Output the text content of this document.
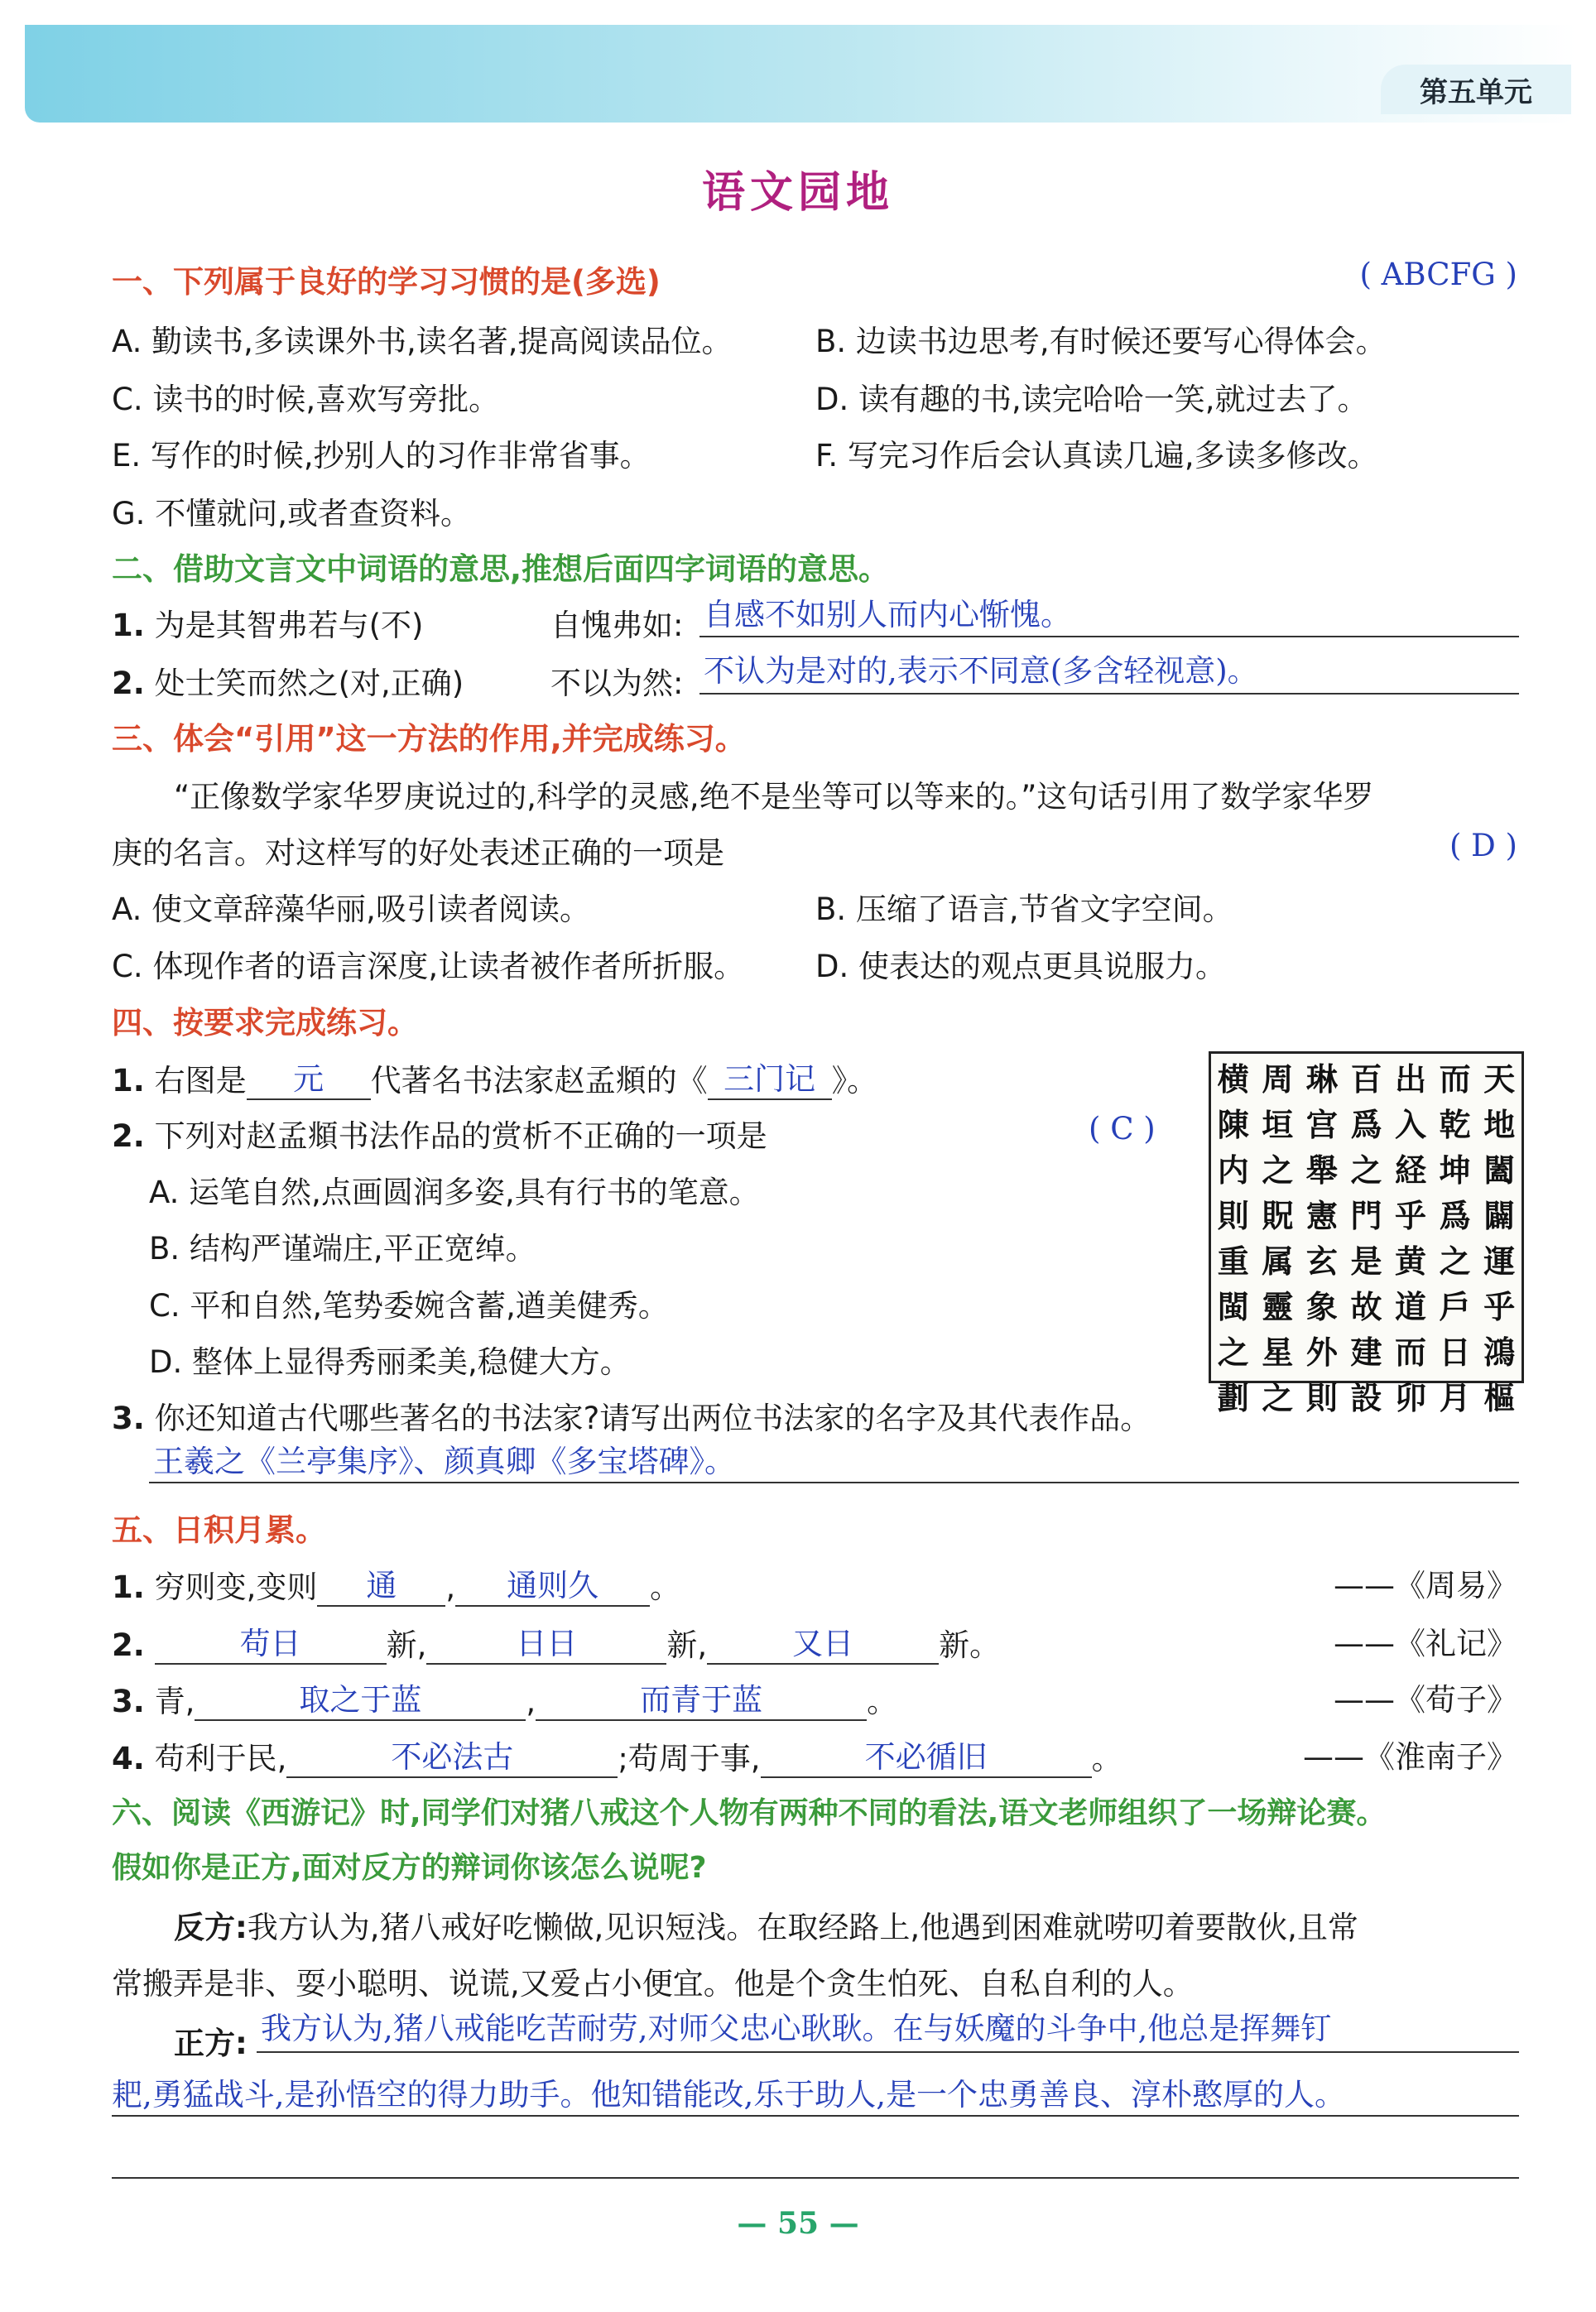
第五单元
语文园地
一、下列属于良好的学习习惯的是(多选)	( ABCFG )
A. 勤读书,多读课外书,读名著,提高阅读品位。	B. 边读书边思考,有时候还要写心得体会。
C. 读书的时候,喜欢写旁批。	D. 读有趣的书,读完哈哈一笑,就过去了。
E. 写作的时候,抄别人的习作非常省事。	F. 写完习作后会认真读几遍,多读多修改。
G. 不懂就问,或者查资料。
二、借助文言文中词语的意思,推想后面四字词语的意思。
1. 为是其智弗若与(不)	自愧弗如: 自感不如别人而内心惭愧。
2. 处士笑而然之(对,正确)	不以为然: 不认为是对的,表示不同意(多含轻视意)。
三、体会“引用”这一方法的作用,并完成练习。
“正像数学家华罗庚说过的,科学的灵感,绝不是坐等可以等来的。”这句话引用了数学家华罗
庚的名言。对这样写的好处表述正确的一项是	( D )
A. 使文章辞藻华丽,吸引读者阅读。	B. 压缩了语言,节省文字空间。
C. 体现作者的语言深度,让读者被作者所折服。 D. 使表达的观点更具说服力。
四、按要求完成练习。
1. 右图是 元 代著名书法家赵孟頫的《 三门记 》。
2. 下列对赵孟頫书法作品的赏析不正确的一项是	( C )
A. 运笔自然,点画圆润多姿,具有行书的笔意。
B. 结构严谨端庄,平正宽绰。
C. 平和自然,笔势委婉含蓄,遒美健秀。
D. 整体上显得秀丽柔美,稳健大方。
横
陳
内
則
重
閩
之
劃
周
垣
之
貺
属
靈
星
之
琳
宫
舉
憲
玄
象
外
則
百
爲
之
門
是
故
建
設
出
入
経
乎
黄
道
而
卯
而
乾
坤
爲
之
戶
日
月
天
地
闔
闢
運
乎
鴻
樞
3. 你还知道古代哪些著名的书法家?请写出两位书法家的名字及其代表作品。
王羲之《兰亭集序》、颜真卿《多宝塔碑》。
五、日积月累。
1. 穷则变,变则 通 , 通则久 。	——《周易》
2.	苟日	新,	日日	新,	又日	新。	——《礼记》
3. 青,	取之于蓝	,	而青于蓝	。	——《荀子》
4. 苟利于民,	不必法古	;苟周于事,	不必循旧	。	——《淮南子》
六、阅读《西游记》时,同学们对猪八戒这个人物有两种不同的看法,语文老师组织了一场辩论赛。
假如你是正方,面对反方的辩词你该怎么说呢?
反方:我方认为,猪八戒好吃懒做,见识短浅。在取经路上,他遇到困难就唠叨着要散伙,且常
常搬弄是非、耍小聪明、说谎,又爱占小便宜。他是个贪生怕死、自私自利的人。
正方: 我方认为,猪八戒能吃苦耐劳,对师父忠心耿耿。在与妖魔的斗争中,他总是挥舞钉
耙,勇猛战斗,是孙悟空的得力助手。他知错能改,乐于助人,是一个忠勇善良、淳朴憨厚的人。
— 55 —
